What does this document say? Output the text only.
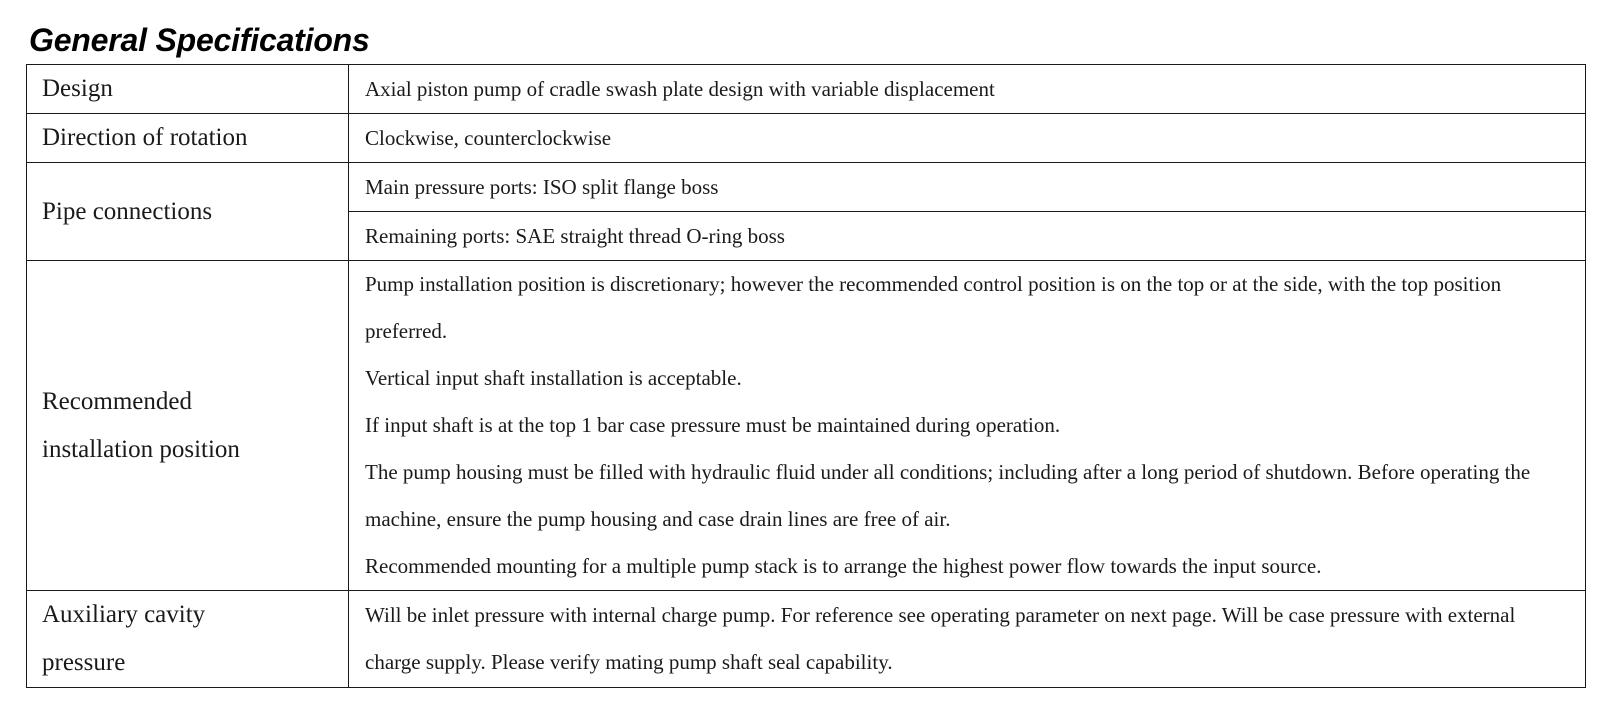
General Specifications
Design	Axial piston pump of cradle swash plate design with variable displacement

Direction of rotation	Clockwise, counterclockwise

Pipe connections	Main pressure ports: ISO split flange boss

	Remaining ports: SAE straight thread O-ring boss

Recommended
installation position	Pump installation position is discretionary; however the recommended control position is on the top or at the side, with the top position preferred.
Vertical input shaft installation is acceptable.
If input shaft is at the top 1 bar case pressure must be maintained during operation.
The pump housing must be filled with hydraulic fluid under all conditions; including after a long period of shutdown. Before operating the machine, ensure the pump housing and case drain lines are free of air.
Recommended mounting for a multiple pump stack is to arrange the highest power flow towards the input source.

Auxiliary cavity
pressure	Will be inlet pressure with internal charge pump. For reference see operating parameter on next page. Will be case pressure with external charge supply. Please verify mating pump shaft seal capability.
